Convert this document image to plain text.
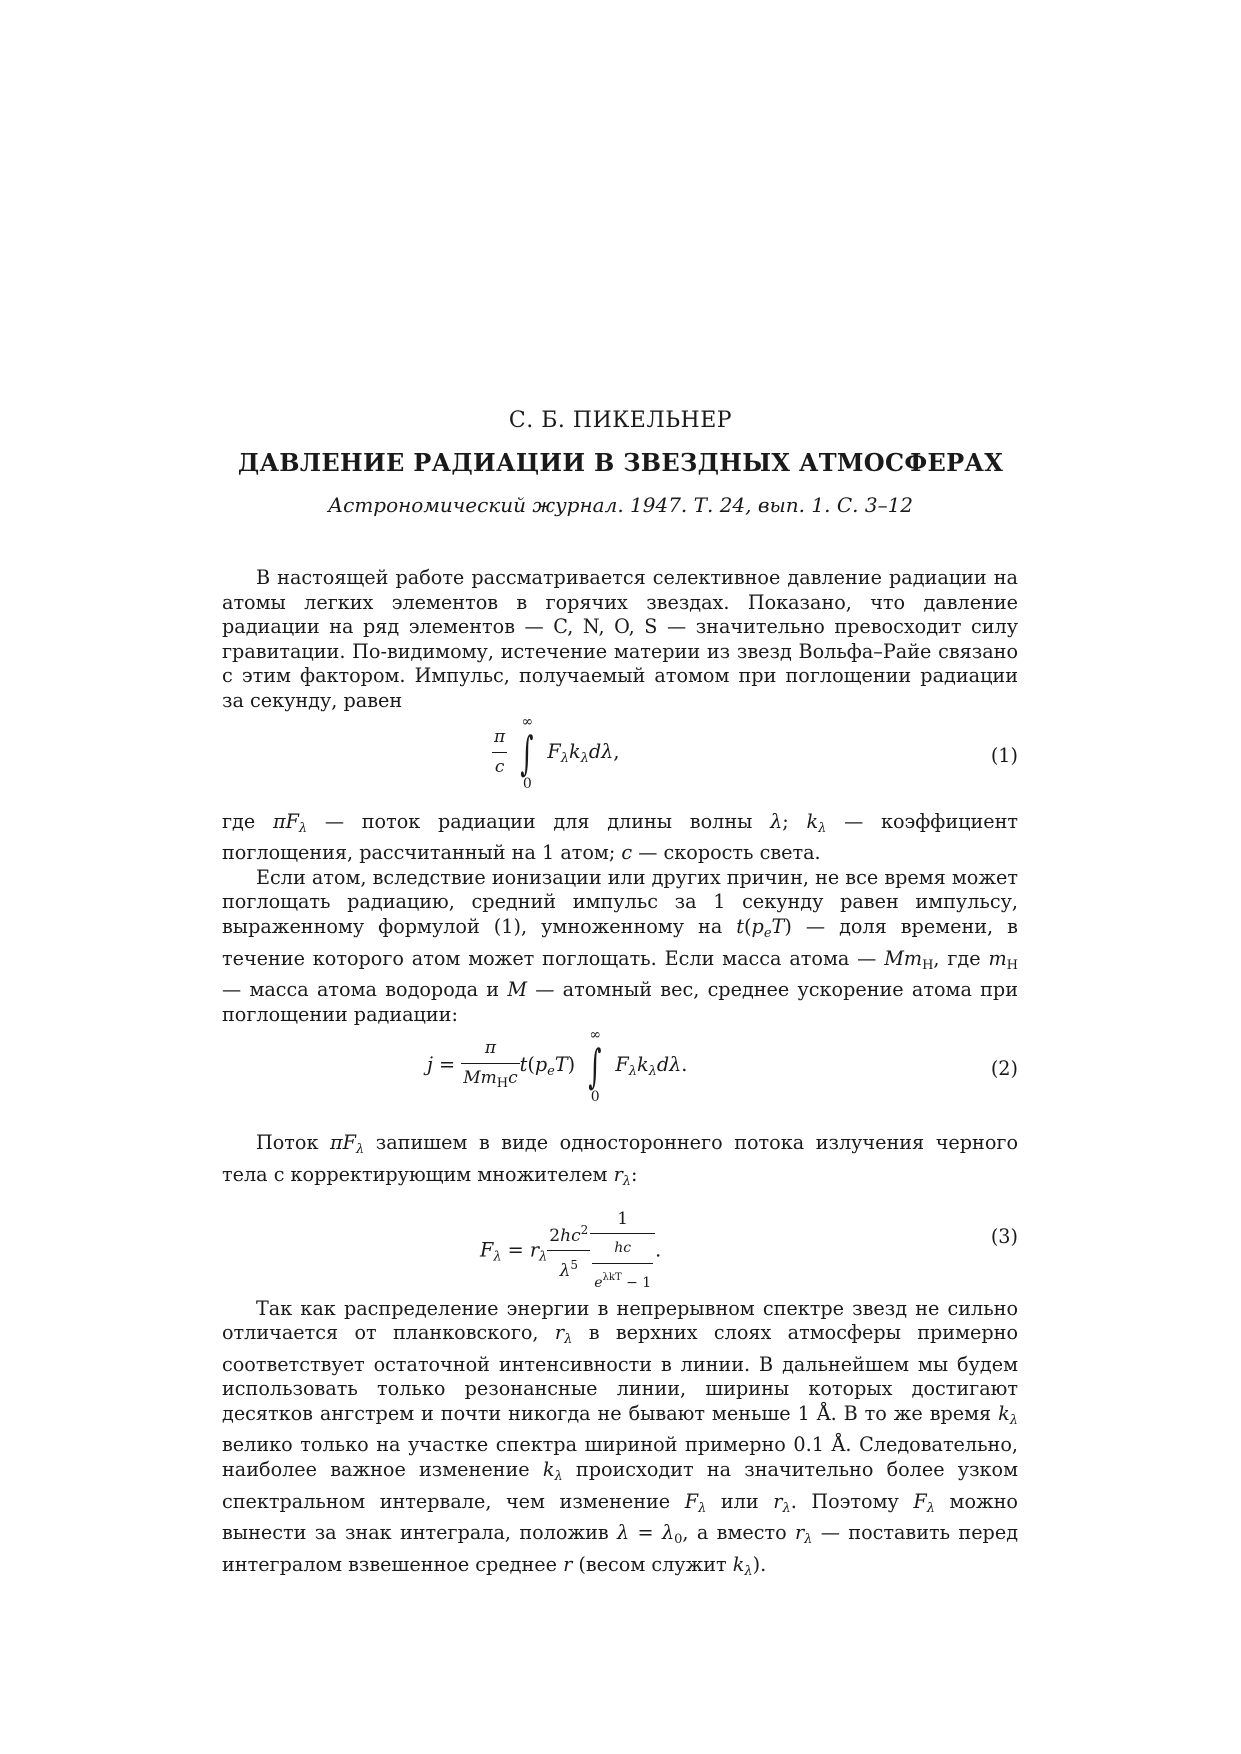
С. Б. ПИКЕЛЬНЕР
ДАВЛЕНИЕ РАДИАЦИИ В ЗВЕЗДНЫХ АТМОСФЕРАХ
Астрономический журнал. 1947. Т. 24, вып. 1. С. 3–12

В настоящей работе рассматривается селективное давление радиации на атомы легких элементов в горячих звездах. Показано, что давление радиации на ряд элементов — C, N, O, S — значительно превосходит силу гравитации. По-видимому, истечение материи из звезд Вольфа–Райе связано с этим фактором. Импульс, получаемый атомом при поглощении радиации за секунду, равен

$\frac{\pi}{c}$

∞
∫
0
$F_\lambda k_\lambda d\lambda$,	(1)

где $\pi F_\lambda$ — поток радиации для длины волны λ; $k_\lambda$ — коэффициент поглощения, рассчитанный на 1 атом; c — скорость света.

Если атом, вследствие ионизации или других причин, не все время может поглощать радиацию, средний импульс за 1 секунду равен импульсу, выраженному формулой (1), умноженному на $t(p_eT)$ — доля времени, в течение которого атом может поглощать. Если масса атома — $Mm_H$, где $m_H$ — масса атома водорода и M — атомный вес, среднее ускорение атома при поглощении радиации:

$j = \frac{\pi}{Mm_Hc} t(p_eT)$
∞
∫
0
$F_\lambda k_\lambda d\lambda$.	(2)

Поток $\pi F_\lambda$ запишем в виде одностороннего потока излучения черного тела с корректирующим множителем $r_\lambda$:

$F_\lambda = r_\lambda \frac{2hc^2}{\lambda^5} \frac{1}{\frac{hc}{e^{\lambda kT} - 1}}$ .
(3)

Так как распределение энергии в непрерывном спектре звезд не сильно отличается от планковского, $r_\lambda$ в верхних слоях атмосферы примерно соответствует остаточной интенсивности в линии. В дальнейшем мы будем использовать только резонансные линии, ширины которых достигают десятков ангстрем и почти никогда не бывают меньше 1 Å. В то же время $k_\lambda$ велико только на участке спектра шириной примерно 0.1 Å. Следовательно, наиболее важное изменение $k_\lambda$ происходит на значительно более узком спектральном интервале, чем изменение $F_\lambda$ или $r_\lambda$. Поэтому $F_\lambda$ можно вынести за знак интеграла, положив $\lambda = \lambda_0$, а вместо $r_\lambda$ — поставить перед интегралом взвешенное среднее r (весом служит $k_\lambda$).
